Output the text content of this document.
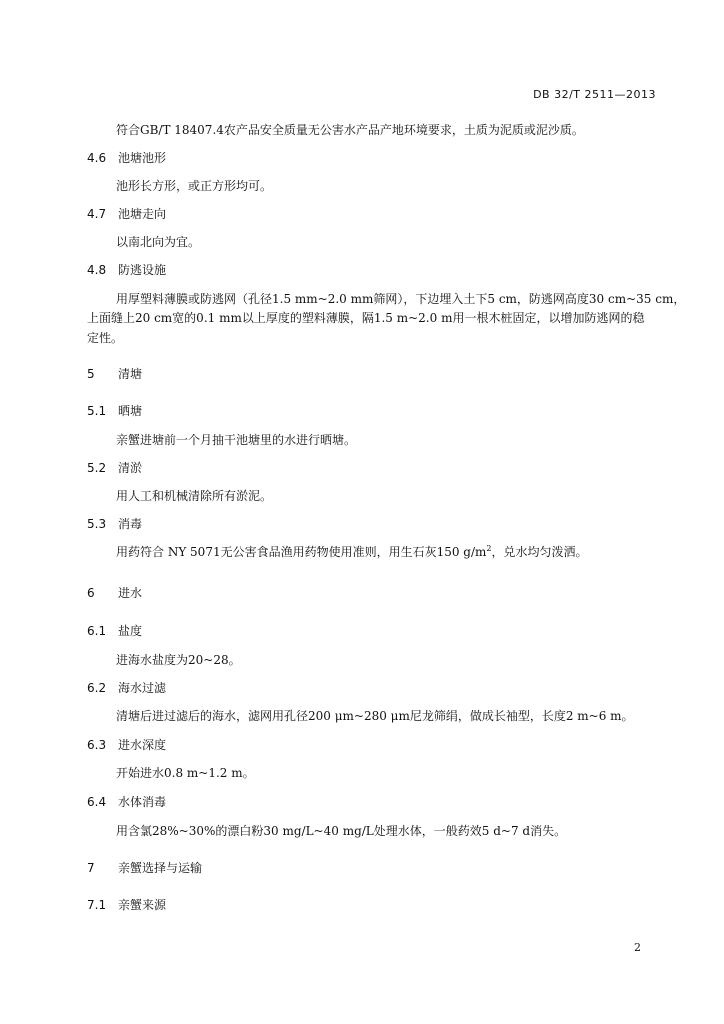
DB 32/T 2511—2013
符合GB/T 18407.4农产品安全质量无公害水产品产地环境要求，土质为泥质或泥沙质。
4.6 池塘池形
池形长方形，或正方形均可。
4.7 池塘走向
以南北向为宜。
4.8 防逃设施
用厚塑料薄膜或防逃网（孔径1.5 mm~2.0 mm筛网），下边埋入土下5 cm，防逃网高度30 cm~35 cm，
上面缝上20 cm宽的0.1 mm以上厚度的塑料薄膜，隔1.5 m~2.0 m用一根木桩固定，以增加防逃网的稳
定性。
5 清塘
5.1 晒塘
亲蟹进塘前一个月抽干池塘里的水进行晒塘。
5.2 清淤
用人工和机械清除所有淤泥。
5.3 消毒
用药符合 NY 5071无公害食品渔用药物使用准则，用生石灰150 $g/m^2$，兑水均匀泼洒。
6 进水
6.1 盐度
进海水盐度为20~28。
6.2 海水过滤
清塘后进过滤后的海水，滤网用孔径200 μm~280 μm尼龙筛绢，做成长袖型，长度2 m~6 m。
6.3 进水深度
开始进水0.8 m~1.2 m。
6.4 水体消毒
用含氯28%~30%的漂白粉30 mg/L~40 mg/L处理水体，一般药效5 d~7 d消失。
7 亲蟹选择与运输
7.1 亲蟹来源
2
